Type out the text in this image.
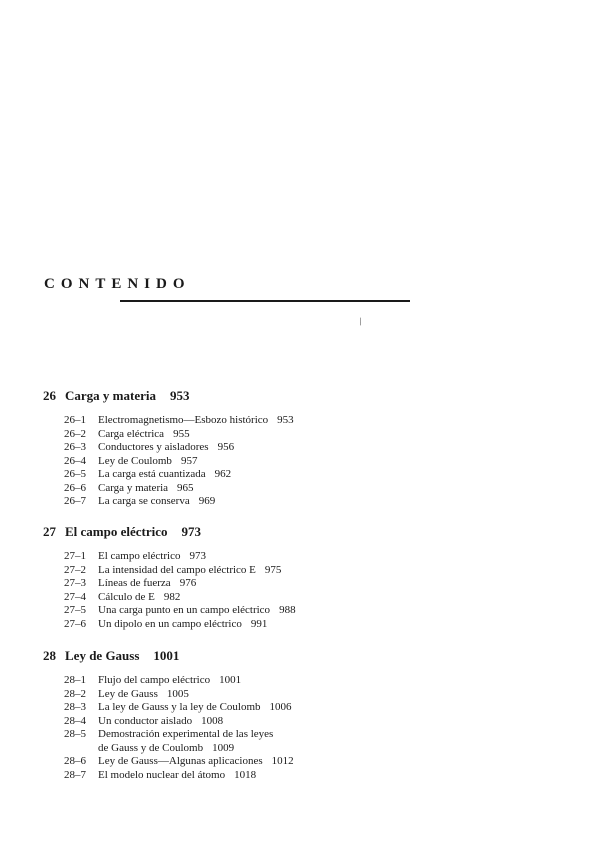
CONTENIDO
/
26 Carga y materia 953
26–1 Electromagnetismo—Esbozo histórico 953
26–2 Carga eléctrica 955
26–3 Conductores y aisladores 956
26–4 Ley de Coulomb 957
26–5 La carga está cuantizada 962
26–6 Carga y materia 965
26–7 La carga se conserva 969
27 El campo eléctrico 973
27–1 El campo eléctrico 973
27–2 La intensidad del campo eléctrico E 975
27–3 Líneas de fuerza 976
27–4 Cálculo de E 982
27–5 Una carga punto en un campo eléctrico 988
27–6 Un dipolo en un campo eléctrico 991
28 Ley de Gauss 1001
28–1 Flujo del campo eléctrico 1001
28–2 Ley de Gauss 1005
28–3 La ley de Gauss y la ley de Coulomb 1006
28–4 Un conductor aislado 1008
28–5 Demostración experimental de las leyes
de Gauss y de Coulomb 1009
28–6 Ley de Gauss—Algunas aplicaciones 1012
28–7 El modelo nuclear del átomo 1018
